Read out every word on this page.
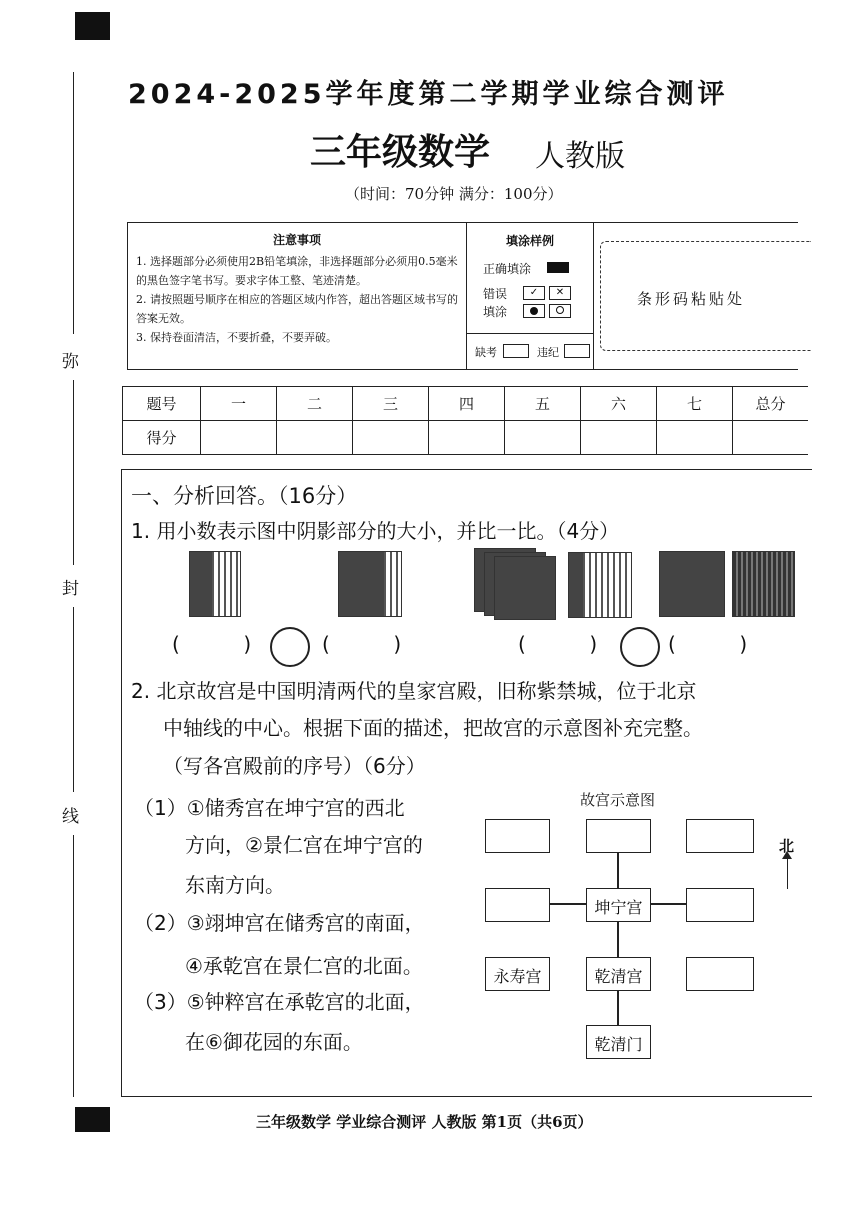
弥
封
线
2024-2025学年度第二学期学业综合测评
三年级数学 人教版
（时间：70分钟 满分：100分）
注意事项
1. 选择题部分必须使用2B铅笔填涂，非选择题部分必须用0.5毫米的黑色签字笔书写。要求字体工整、笔迹清楚。
2. 请按照题号顺序在相应的答题区域内作答，超出答题区域书写的答案无效。
3. 保持卷面清洁，不要折叠，不要弄破。
填涂样例
正确填涂
错误
填涂
✓	✕
缺考	违纪
条形码粘贴处
题号	一	二	三	四	五	六	七	总分
得分								
一、分析回答。（16分）
1. 用小数表示图中阴影部分的大小，并比一比。（4分）
(          )	(          )	(          )	(          )
2. 北京故宫是中国明清两代的皇家宫殿，旧称紫禁城，位于北京
中轴线的中心。根据下面的描述，把故宫的示意图补充完整。
（写各宫殿前的序号）（6分）
（1）①储秀宫在坤宁宫的西北
方向，②景仁宫在坤宁宫的
东南方向。
（2）③翊坤宫在储秀宫的南面，
④承乾宫在景仁宫的北面。
（3）⑤钟粹宫在承乾宫的北面，
在⑥御花园的东面。
故宫示意图
北
坤宁宫
永寿宫	乾清宫
乾清门
三年级数学 学业综合测评 人教版 第1页（共6页）
